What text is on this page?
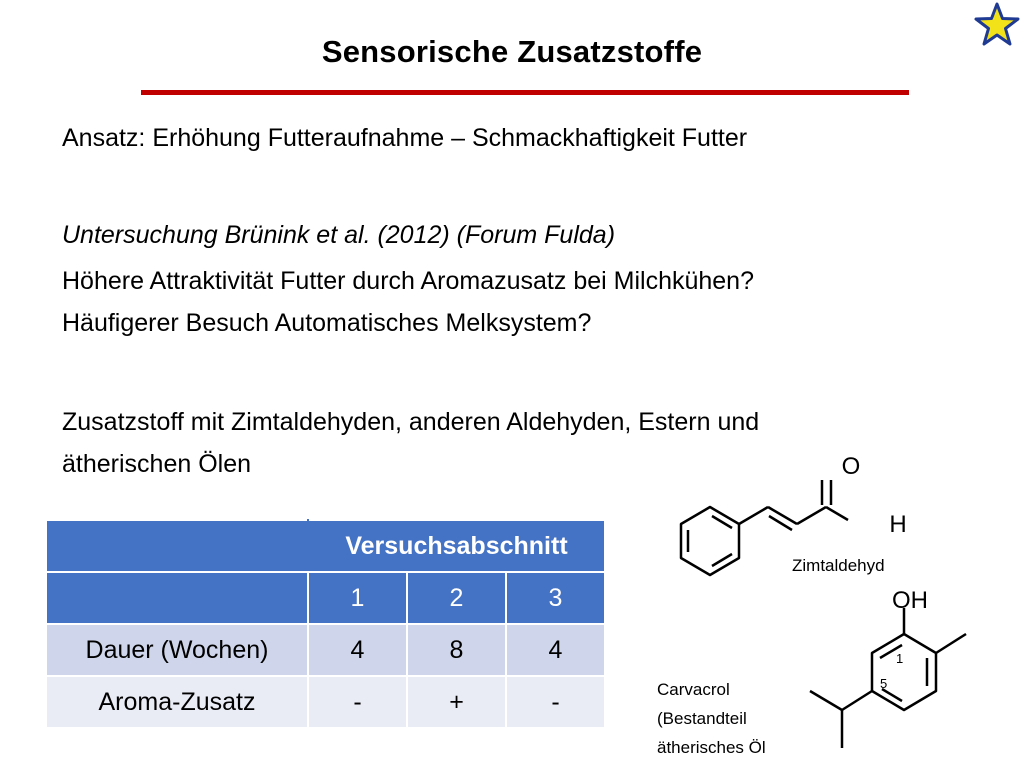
Sensorische Zusatzstoffe
Ansatz: Erhöhung Futteraufnahme – Schmackhaftigkeit Futter
Untersuchung Brünink et al. (2012) (Forum Fulda)
Höhere Attraktivität Futter durch Aromazusatz bei Milchkühen?
Häufigerer Besuch Automatisches Melksystem?
Zusatzstoff mit Zimtaldehyden, anderen Aldehyden, Estern und
ätherischen Ölen
	Versuchsabschnitt		
	1	2	3
Dauer (Wochen)	4	8	4
Aroma-Zusatz	-	+	-
O
H
OH
1
5
Zimtaldehyd
Carvacrol
(Bestandteil
ätherisches Öl
